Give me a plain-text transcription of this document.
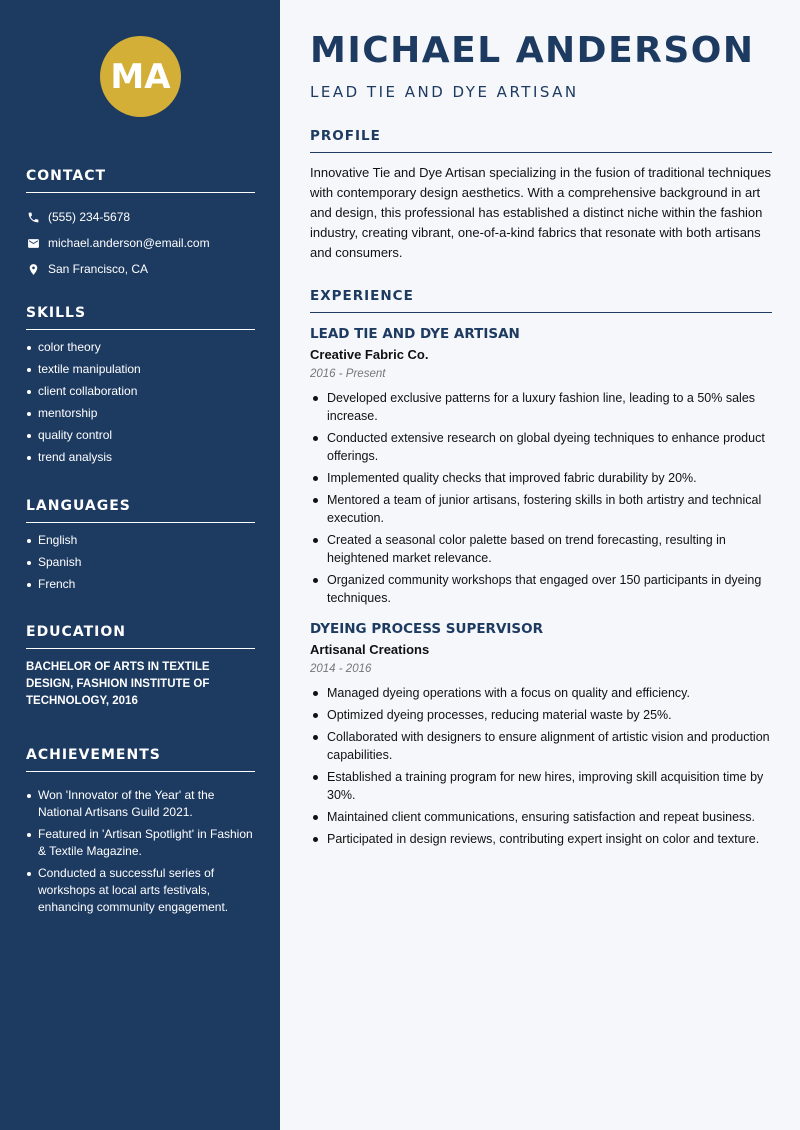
MA
CONTACT
(555) 234-5678
michael.anderson@email.com
San Francisco, CA
SKILLS
color theory
textile manipulation
client collaboration
mentorship
quality control
trend analysis
LANGUAGES
English
Spanish
French
EDUCATION

BACHELOR OF ARTS IN TEXTILE DESIGN, FASHION INSTITUTE OF TECHNOLOGY, 2016

ACHIEVEMENTS
Won 'Innovator of the Year' at the National Artisans Guild 2021.
Featured in 'Artisan Spotlight' in Fashion & Textile Magazine.
Conducted a successful series of workshops at local arts festivals, enhancing community engagement.
MICHAEL ANDERSON
LEAD TIE AND DYE ARTISAN
PROFILE

Innovative Tie and Dye Artisan specializing in the fusion of traditional techniques with contemporary design aesthetics. With a comprehensive background in art and design, this professional has established a distinct niche within the fashion industry, creating vibrant, one-of-a-kind fabrics that resonate with both artisans and consumers.

EXPERIENCE
LEAD TIE AND DYE ARTISAN
Creative Fabric Co.
2016 - Present
Developed exclusive patterns for a luxury fashion line, leading to a 50% sales increase.
Conducted extensive research on global dyeing techniques to enhance product offerings.
Implemented quality checks that improved fabric durability by 20%.
Mentored a team of junior artisans, fostering skills in both artistry and technical execution.
Created a seasonal color palette based on trend forecasting, resulting in heightened market relevance.
Organized community workshops that engaged over 150 participants in dyeing techniques.
DYEING PROCESS SUPERVISOR
Artisanal Creations
2014 - 2016
Managed dyeing operations with a focus on quality and efficiency.
Optimized dyeing processes, reducing material waste by 25%.
Collaborated with designers to ensure alignment of artistic vision and production capabilities.
Established a training program for new hires, improving skill acquisition time by 30%.
Maintained client communications, ensuring satisfaction and repeat business.
Participated in design reviews, contributing expert insight on color and texture.
